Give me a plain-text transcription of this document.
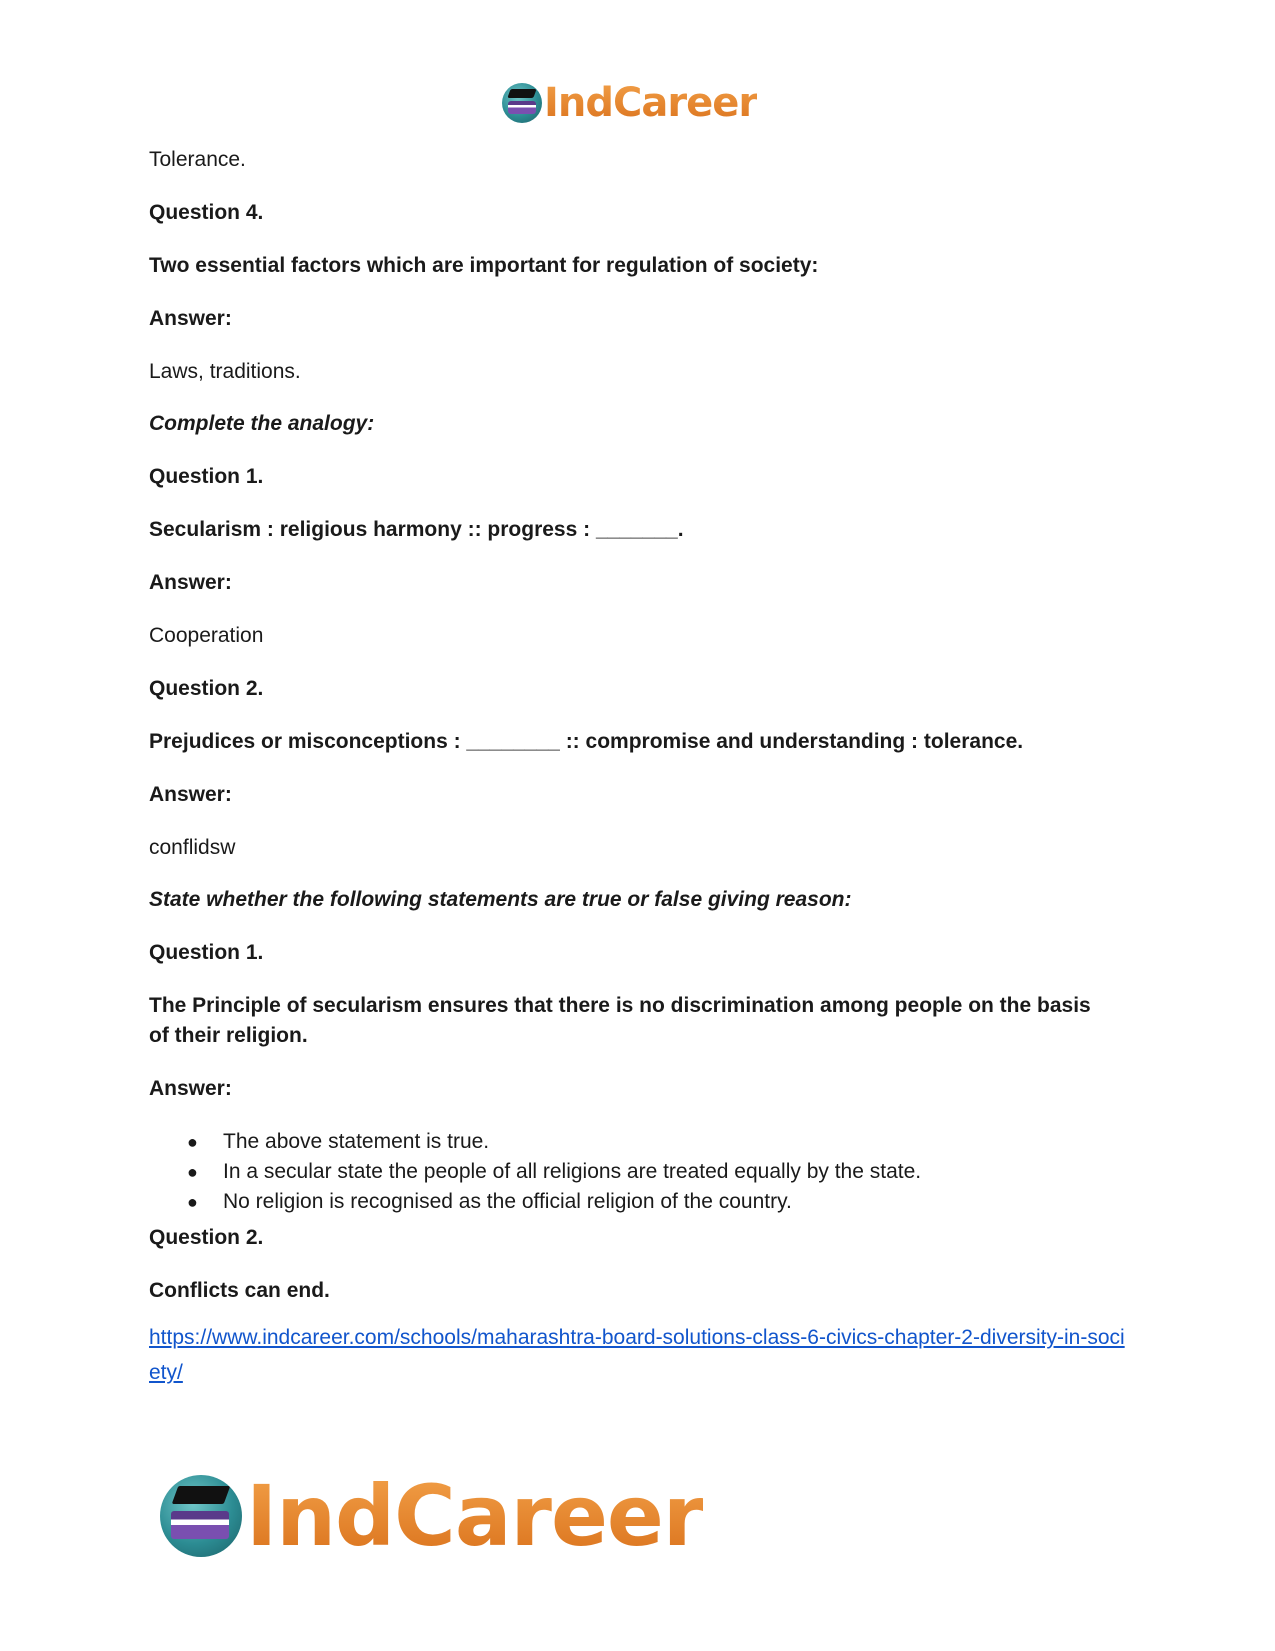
IndCareer
Tolerance.
Question 4.
Two essential factors which are important for regulation of society:
Answer:
Laws, traditions.
Complete the analogy:
Question 1.
Secularism : religious harmony :: progress : _______.
Answer:
Cooperation
Question 2.
Prejudices or misconceptions : ________ :: compromise and understanding : tolerance.
Answer:
conflidsw
State whether the following statements are true or false giving reason:
Question 1.
The Principle of secularism ensures that there is no discrimination among people on the basis of their religion.
Answer:
● The above statement is true.
● In a secular state the people of all religions are treated equally by the state.
● No religion is recognised as the official religion of the country.
Question 2.
Conflicts can end.
https://www.indcareer.com/schools/maharashtra-board-solutions-class-6-civics-chapter-2-diversity-in-society/
IndCareer
